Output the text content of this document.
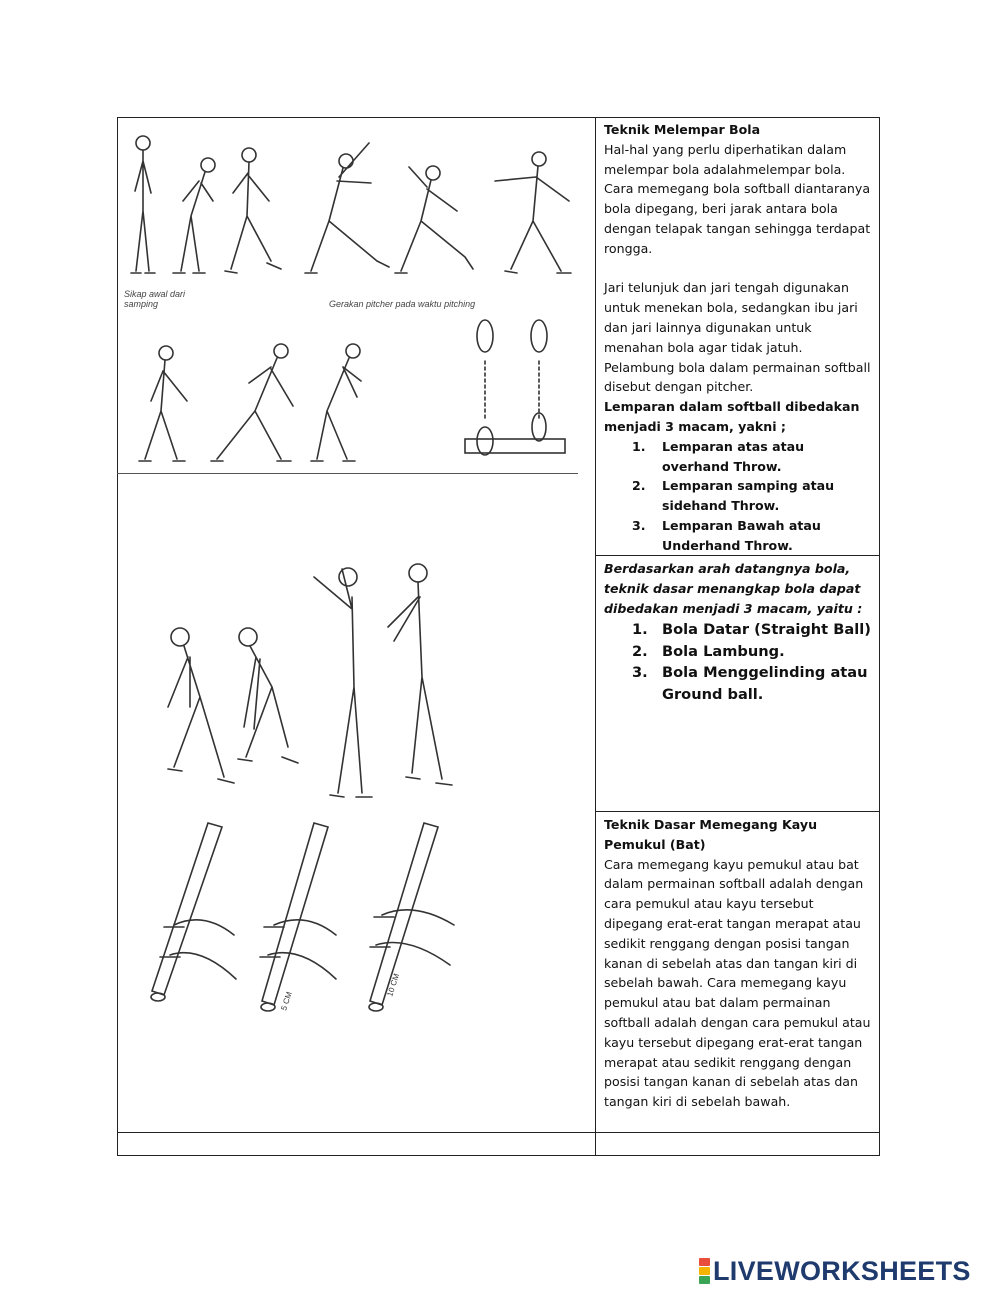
Teknik Melempar Bola

Hal-hal yang perlu diperhatikan dalam melempar bola adalahmelempar bola. Cara memegang bola softball diantaranya bola dipegang, beri jarak antara bola dengan telapak tangan sehingga terdapat rongga.

Jari telunjuk dan jari tengah digunakan untuk menekan bola, sedangkan ibu jari dan jari lainnya digunakan untuk menahan bola agar tidak jatuh. Pelambung bola dalam permainan softball disebut dengan pitcher.

Lemparan dalam softball dibedakan menjadi 3 macam, yakni ;

1.	Lemparan atas atau overhand Throw.
2.	Lemparan samping atau sidehand Throw.
3.	Lemparan Bawah atau Underhand Throw.

Berdasarkan arah datangnya bola, teknik dasar menangkap bola dapat dibedakan menjadi 3 macam, yaitu :

1. Bola Datar (Straight Ball)
2. Bola Lambung.
3. Bola Menggelinding atau Ground ball.

Teknik Dasar Memegang Kayu Pemukul (Bat)

Cara memegang kayu pemukul atau bat dalam permainan softball adalah dengan cara pemukul atau kayu tersebut dipegang erat-erat tangan merapat atau sedikit renggang dengan posisi tangan kanan di sebelah atas dan tangan kiri di sebelah bawah. Cara memegang kayu pemukul atau bat dalam permainan softball adalah dengan cara pemukul atau kayu tersebut dipegang erat-erat tangan merapat atau sedikit renggang dengan posisi tangan kanan di sebelah atas dan tangan kiri di sebelah bawah.

Sikap awal dari samping	Gerakan pitcher pada waktu pitching
5 CM
10 CM
LIVEWORKSHEETS
